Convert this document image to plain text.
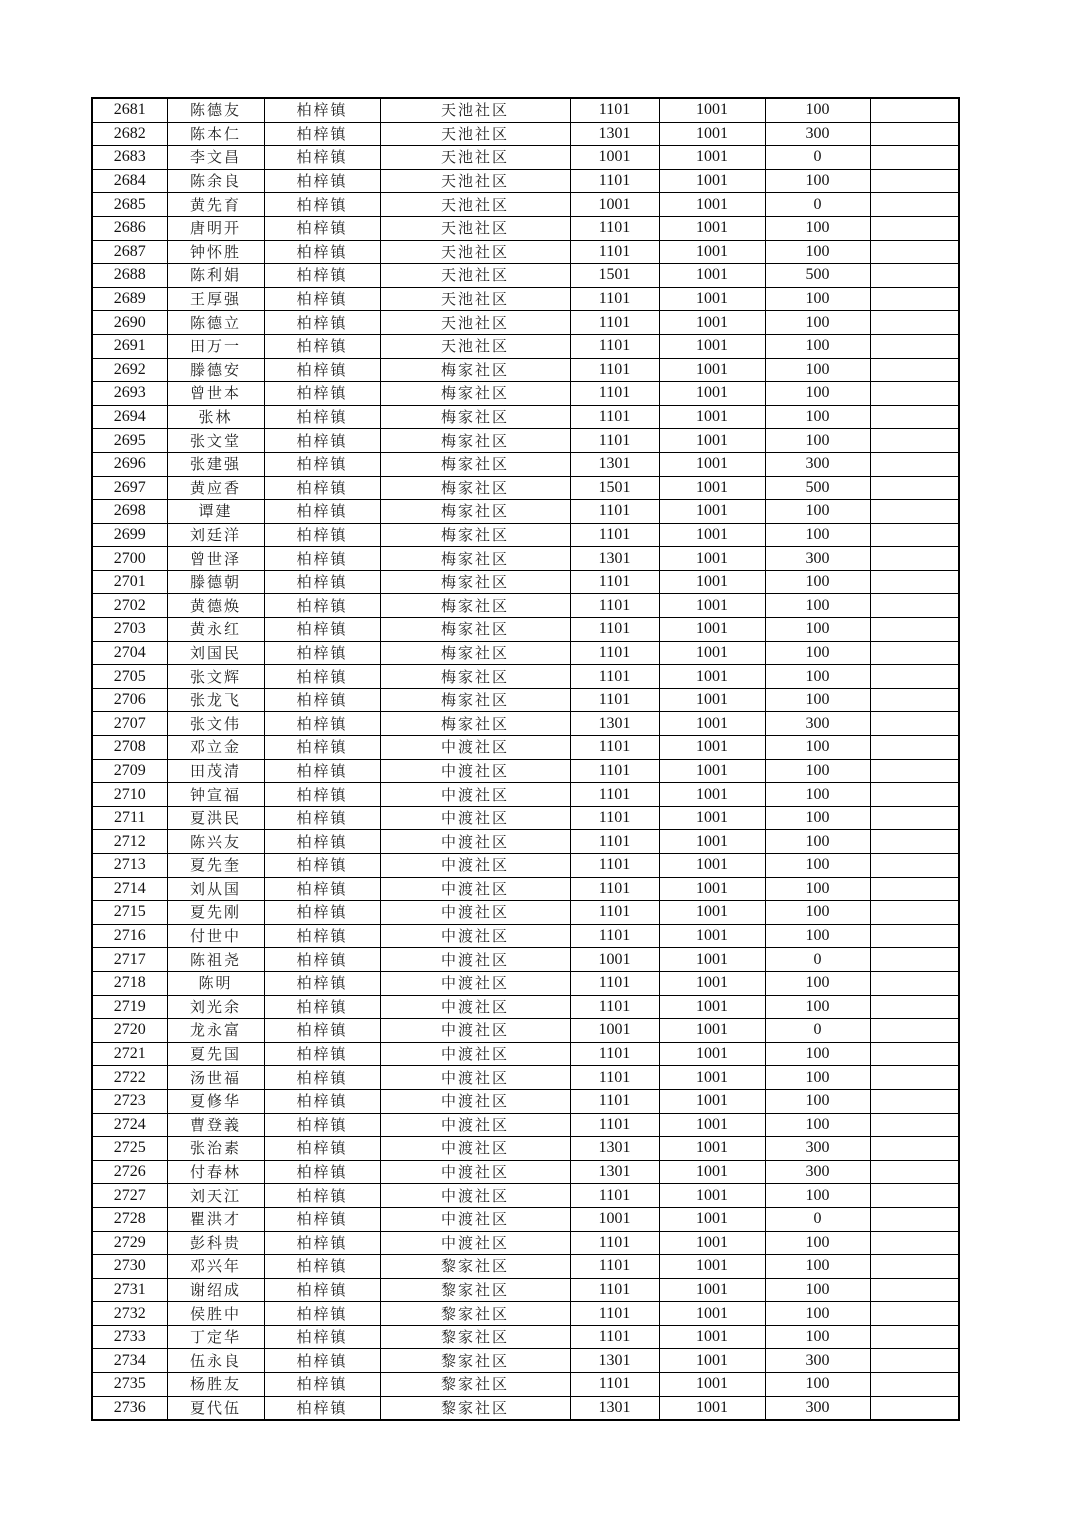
2681	陈德友	柏梓镇	天池社区	1101	1001	100	
2682	陈本仁	柏梓镇	天池社区	1301	1001	300	
2683	李文昌	柏梓镇	天池社区	1001	1001	0	
2684	陈余良	柏梓镇	天池社区	1101	1001	100	
2685	黄先育	柏梓镇	天池社区	1001	1001	0	
2686	唐明开	柏梓镇	天池社区	1101	1001	100	
2687	钟怀胜	柏梓镇	天池社区	1101	1001	100	
2688	陈利娟	柏梓镇	天池社区	1501	1001	500	
2689	王厚强	柏梓镇	天池社区	1101	1001	100	
2690	陈德立	柏梓镇	天池社区	1101	1001	100	
2691	田万一	柏梓镇	天池社区	1101	1001	100	
2692	滕德安	柏梓镇	梅家社区	1101	1001	100	
2693	曾世本	柏梓镇	梅家社区	1101	1001	100	
2694	张林	柏梓镇	梅家社区	1101	1001	100	
2695	张文堂	柏梓镇	梅家社区	1101	1001	100	
2696	张建强	柏梓镇	梅家社区	1301	1001	300	
2697	黄应香	柏梓镇	梅家社区	1501	1001	500	
2698	谭建	柏梓镇	梅家社区	1101	1001	100	
2699	刘廷洋	柏梓镇	梅家社区	1101	1001	100	
2700	曾世泽	柏梓镇	梅家社区	1301	1001	300	
2701	滕德朝	柏梓镇	梅家社区	1101	1001	100	
2702	黄德焕	柏梓镇	梅家社区	1101	1001	100	
2703	黄永红	柏梓镇	梅家社区	1101	1001	100	
2704	刘国民	柏梓镇	梅家社区	1101	1001	100	
2705	张文辉	柏梓镇	梅家社区	1101	1001	100	
2706	张龙飞	柏梓镇	梅家社区	1101	1001	100	
2707	张文伟	柏梓镇	梅家社区	1301	1001	300	
2708	邓立金	柏梓镇	中渡社区	1101	1001	100	
2709	田茂清	柏梓镇	中渡社区	1101	1001	100	
2710	钟宣福	柏梓镇	中渡社区	1101	1001	100	
2711	夏洪民	柏梓镇	中渡社区	1101	1001	100	
2712	陈兴友	柏梓镇	中渡社区	1101	1001	100	
2713	夏先奎	柏梓镇	中渡社区	1101	1001	100	
2714	刘从国	柏梓镇	中渡社区	1101	1001	100	
2715	夏先刚	柏梓镇	中渡社区	1101	1001	100	
2716	付世中	柏梓镇	中渡社区	1101	1001	100	
2717	陈祖尧	柏梓镇	中渡社区	1001	1001	0	
2718	陈明	柏梓镇	中渡社区	1101	1001	100	
2719	刘光余	柏梓镇	中渡社区	1101	1001	100	
2720	龙永富	柏梓镇	中渡社区	1001	1001	0	
2721	夏先国	柏梓镇	中渡社区	1101	1001	100	
2722	汤世福	柏梓镇	中渡社区	1101	1001	100	
2723	夏修华	柏梓镇	中渡社区	1101	1001	100	
2724	曹登義	柏梓镇	中渡社区	1101	1001	100	
2725	张治素	柏梓镇	中渡社区	1301	1001	300	
2726	付春林	柏梓镇	中渡社区	1301	1001	300	
2727	刘天江	柏梓镇	中渡社区	1101	1001	100	
2728	瞿洪才	柏梓镇	中渡社区	1001	1001	0	
2729	彭科贵	柏梓镇	中渡社区	1101	1001	100	
2730	邓兴年	柏梓镇	黎家社区	1101	1001	100	
2731	谢绍成	柏梓镇	黎家社区	1101	1001	100	
2732	侯胜中	柏梓镇	黎家社区	1101	1001	100	
2733	丁定华	柏梓镇	黎家社区	1101	1001	100	
2734	伍永良	柏梓镇	黎家社区	1301	1001	300	
2735	杨胜友	柏梓镇	黎家社区	1101	1001	100	
2736	夏代伍	柏梓镇	黎家社区	1301	1001	300	
